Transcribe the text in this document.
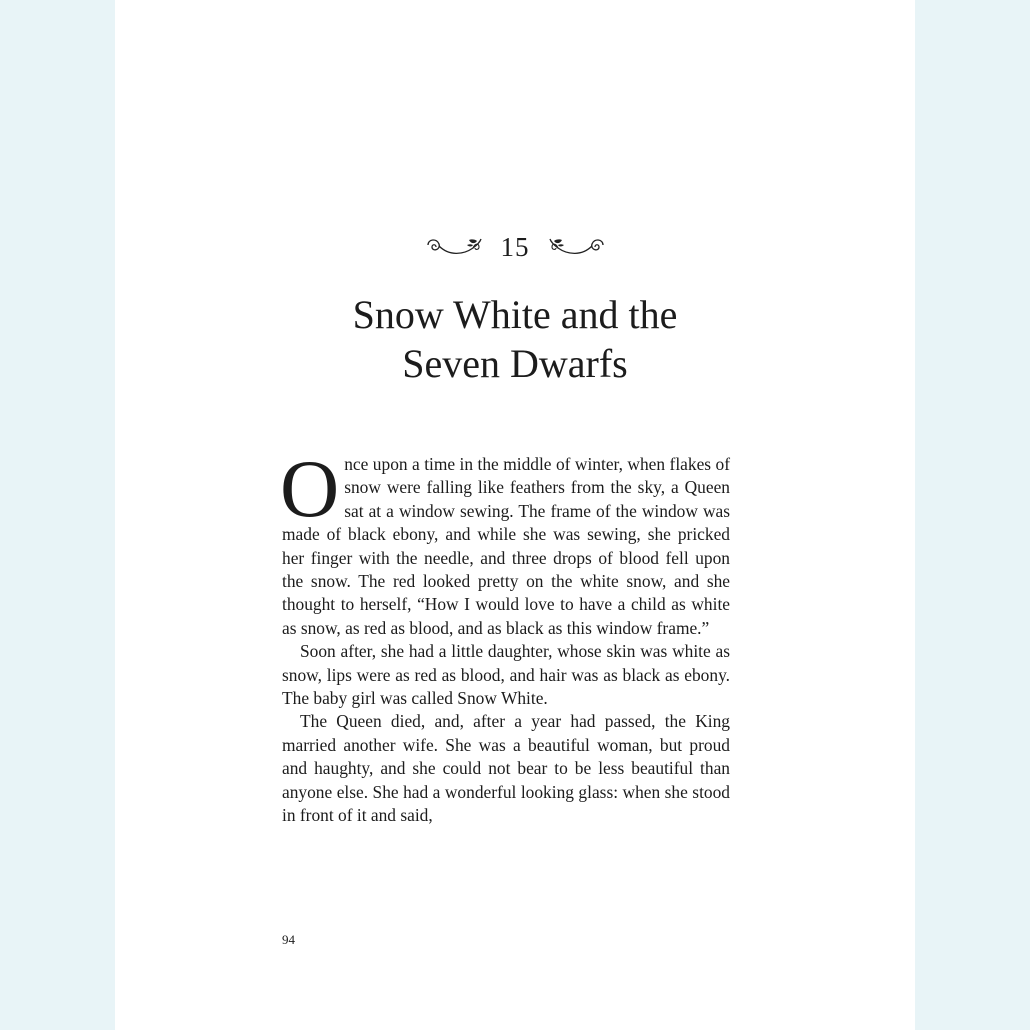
15
Snow White and the
Seven Dwarfs

Once upon a time in the middle of winter, when flakes of snow were falling like feathers from the sky, a Queen sat at a window sewing. The frame of the window was made of black ebony, and while she was sewing, she pricked her finger with the needle, and three drops of blood fell upon the snow. The red looked pretty on the white snow, and she thought to herself, “How I would love to have a child as white as snow, as red as blood, and as black as this window frame.”

Soon after, she had a little daughter, whose skin was white as snow, lips were as red as blood, and hair was as black as ebony. The baby girl was called Snow White.

The Queen died, and, after a year had passed, the King married another wife. She was a beautiful woman, but proud and haughty, and she could not bear to be less beautiful than anyone else. She had a wonderful looking glass: when she stood in front of it and said,

94
